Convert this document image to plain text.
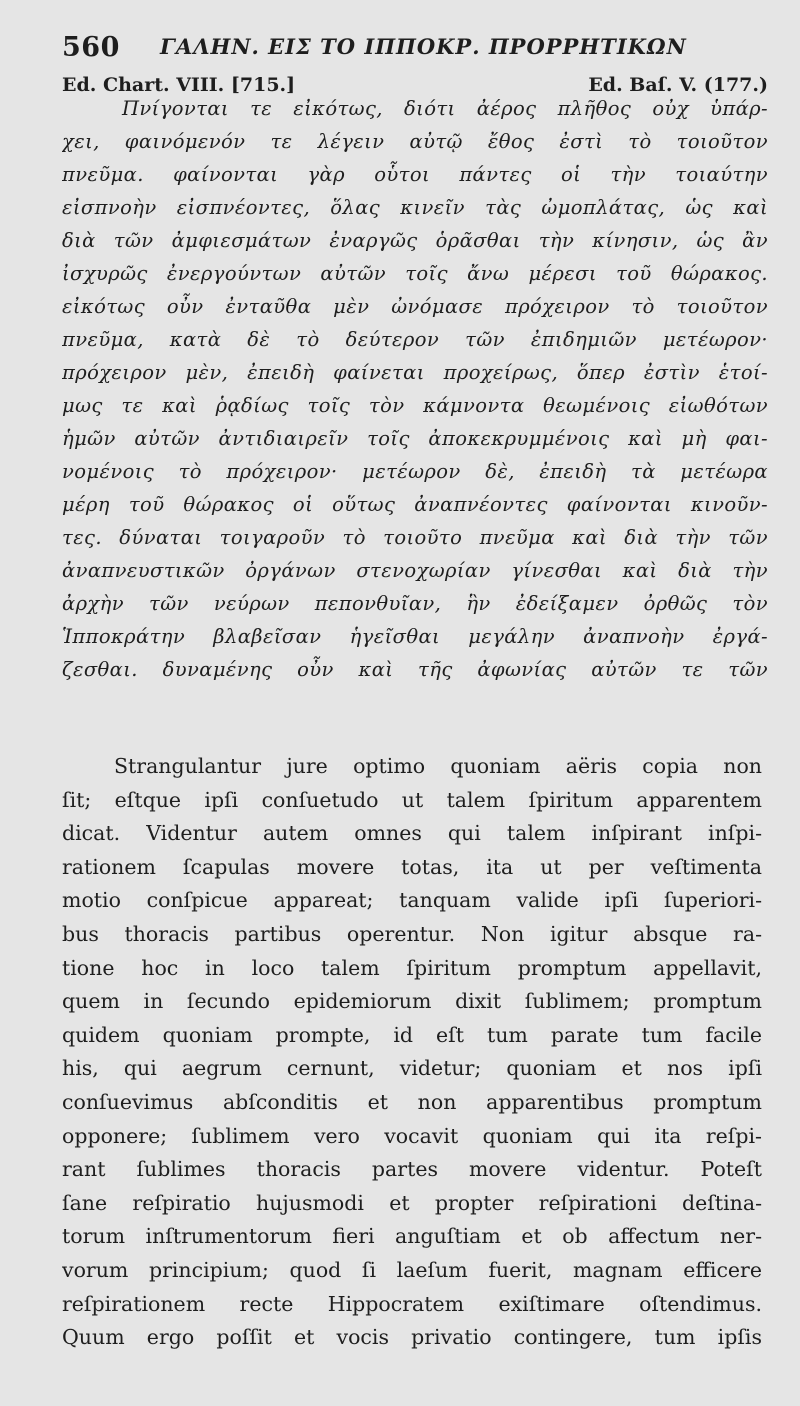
560 ΓΑΛΗΝ. ΕΙΣ ΤΟ ΙΠΠΟΚΡ. ΠΡΟΡΡΗΤΙΚΩΝ
Ed. Chart. VIII. [715.]	Ed. Baſ. V. (177.)
Πνίγονται τε εἰκότως, διότι ἀέρος πλῆθος οὐχ ὑπάρ-
χει, φαινόμενόν τε λέγειν αὐτῷ ἔθος ἐστὶ τὸ τοιοῦτον
πνεῦμα. φαίνονται γὰρ οὗτοι πάντες οἱ τὴν τοιαύτην
εἰσπνοὴν εἰσπνέοντες, ὅλας κινεῖν τὰς ὠμοπλάτας, ὡς καὶ
διὰ τῶν ἀμφιεσμάτων ἐναργῶς ὁρᾶσθαι τὴν κίνησιν, ὡς ἂν
ἰσχυρῶς ἐνεργούντων αὐτῶν τοῖς ἄνω μέρεσι τοῦ θώρακος.
εἰκότως οὖν ἐνταῦθα μὲν ὠνόμασε πρόχειρον τὸ τοιοῦτον
πνεῦμα, κατὰ δὲ τὸ δεύτερον τῶν ἐπιδημιῶν μετέωρον·
πρόχειρον μὲν, ἐπειδὴ φαίνεται προχείρως, ὅπερ ἐστὶν ἑτοί-
μως τε καὶ ῥᾳδίως τοῖς τὸν κάμνοντα θεωμένοις εἰωθότων
ἡμῶν αὐτῶν ἀντιδιαιρεῖν τοῖς ἀποκεκρυμμένοις καὶ μὴ φαι-
νομένοις τὸ πρόχειρον· μετέωρον δὲ, ἐπειδὴ τὰ μετέωρα
μέρη τοῦ θώρακος οἱ οὕτως ἀναπνέοντες φαίνονται κινοῦν-
τες. δύναται τοιγαροῦν τὸ τοιοῦτο πνεῦμα καὶ διὰ τὴν τῶν
ἀναπνευστικῶν ὀργάνων στενοχωρίαν γίνεσθαι καὶ διὰ τὴν
ἀρχὴν τῶν νεύρων πεπονθυῖαν, ἣν ἐδείξαμεν ὀρθῶς τὸν
Ἱπποκράτην βλαβεῖσαν ἡγεῖσθαι μεγάλην ἀναπνοὴν ἐργά-
ζεσθαι. δυναμένης οὖν καὶ τῆς ἀφωνίας αὐτῶν τε τῶν
Strangulantur jure optimo quoniam aëris copia non
ſit; eſtque ipſi conſuetudo ut talem ſpiritum apparentem
dicat. Videntur autem omnes qui talem inſpirant inſpi-
rationem ſcapulas movere totas, ita ut per veſtimenta
motio conſpicue appareat; tanquam valide ipſi ſuperiori-
bus thoracis partibus operentur. Non igitur absque ra-
tione hoc in loco talem ſpiritum promptum appellavit,
quem in ſecundo epidemiorum dixit ſublimem; promptum
quidem quoniam prompte, id eſt tum parate tum facile
his, qui aegrum cernunt, videtur; quoniam et nos ipſi
conſuevimus abſconditis et non apparentibus promptum
opponere; ſublimem vero vocavit quoniam qui ita reſpi-
rant ſublimes thoracis partes movere videntur. Poteſt
ſane reſpiratio hujusmodi et propter reſpirationi deſtina-
torum inſtrumentorum fieri anguſtiam et ob affectum ner-
vorum principium; quod ſi laeſum fuerit, magnam efficere
reſpirationem recte Hippocratem exiſtimare oſtendimus.
Quum ergo poſſit et vocis privatio contingere, tum ipſis
